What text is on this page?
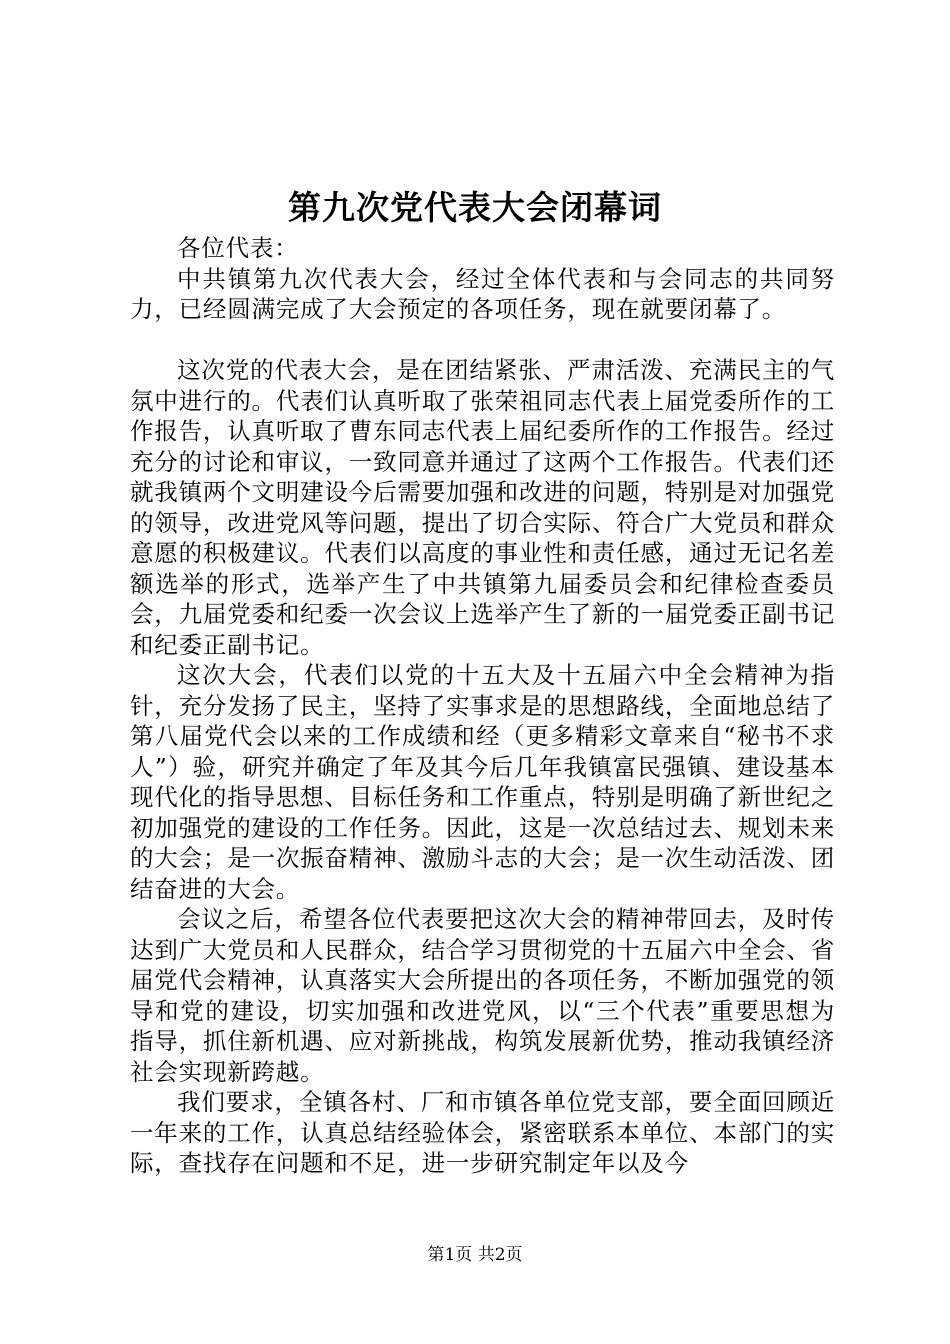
第九次党代表大会闭幕词

各位代表：

中共镇第九次代表大会，经过全体代表和与会同志的共同努力，已经圆满完成了大会预定的各项任务，现在就要闭幕了。

这次党的代表大会，是在团结紧张、严肃活泼、充满民主的气氛中进行的。代表们认真听取了张荣祖同志代表上届党委所作的工作报告，认真听取了曹东同志代表上届纪委所作的工作报告。经过充分的讨论和审议，一致同意并通过了这两个工作报告。代表们还就我镇两个文明建设今后需要加强和改进的问题，特别是对加强党的领导，改进党风等问题，提出了切合实际、符合广大党员和群众意愿的积极建议。代表们以高度的事业性和责任感，通过无记名差额选举的形式，选举产生了中共镇第九届委员会和纪律检查委员会，九届党委和纪委一次会议上选举产生了新的一届党委正副书记和纪委正副书记。

这次大会，代表们以党的十五大及十五届六中全会精神为指针，充分发扬了民主，坚持了实事求是的思想路线，全面地总结了第八届党代会以来的工作成绩和经（更多精彩文章来自“秘书不求人”）验，研究并确定了年及其今后几年我镇富民强镇、建设基本现代化的指导思想、目标任务和工作重点，特别是明确了新世纪之初加强党的建设的工作任务。因此，这是一次总结过去、规划未来的大会；是一次振奋精神、激励斗志的大会；是一次生动活泼、团结奋进的大会。

会议之后，希望各位代表要把这次大会的精神带回去，及时传达到广大党员和人民群众，结合学习贯彻党的十五届六中全会、省届党代会精神，认真落实大会所提出的各项任务，不断加强党的领导和党的建设，切实加强和改进党风，以“三个代表”重要思想为指导，抓住新机遇、应对新挑战，构筑发展新优势，推动我镇经济社会实现新跨越。

我们要求，全镇各村、厂和市镇各单位党支部，要全面回顾近一年来的工作，认真总结经验体会，紧密联系本单位、本部门的实际，查找存在问题和不足，进一步研究制定年以及今

第1页 共2页
